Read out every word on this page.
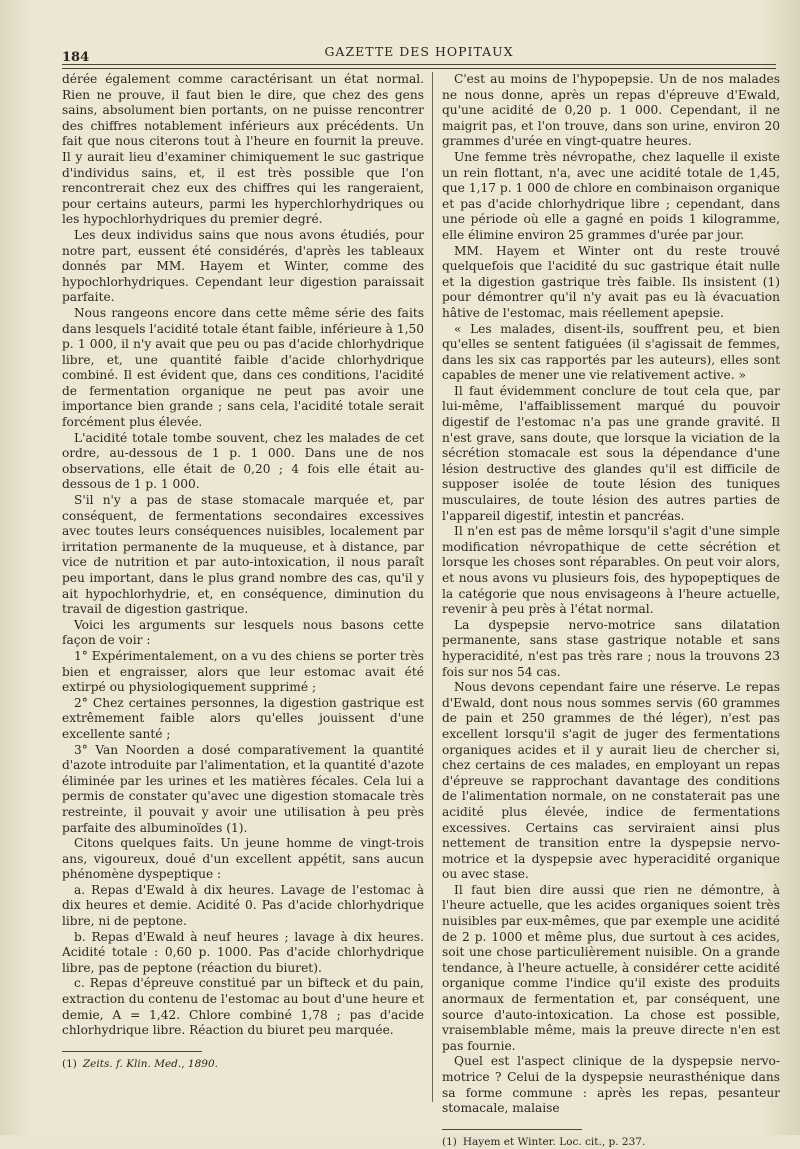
184	GAZETTE DES HOPITAUX

dérée également comme caractérisant un état normal. Rien ne prouve, il faut bien le dire, que chez des gens sains, absolument bien portants, on ne puisse rencontrer des chiffres notablement inférieurs aux précédents. Un fait que nous citerons tout à l'heure en fournit la preuve. Il y aurait lieu d'examiner chimiquement le suc gastrique d'individus sains, et, il est très possible que l'on rencontrerait chez eux des chiffres qui les rangeraient, pour certains auteurs, parmi les hyperchlorhydriques ou les hypochlorhydriques du premier degré.

Les deux individus sains que nous avons étudiés, pour notre part, eussent été considérés, d'après les tableaux donnés par MM. Hayem et Winter, comme des hypochlorhydriques. Cependant leur digestion paraissait parfaite.

Nous rangeons encore dans cette même série des faits dans lesquels l'acidité totale étant faible, inférieure à 1,50 p. 1 000, il n'y avait que peu ou pas d'acide chlorhydrique libre, et, une quantité faible d'acide chlorhydrique combiné. Il est évident que, dans ces conditions, l'acidité de fermentation organique ne peut pas avoir une importance bien grande ; sans cela, l'acidité totale serait forcément plus élevée.

L'acidité totale tombe souvent, chez les malades de cet ordre, au-dessous de 1 p. 1 000. Dans une de nos observations, elle était de 0,20 ; 4 fois elle était au-dessous de 1 p. 1 000.

S'il n'y a pas de stase stomacale marquée et, par conséquent, de fermentations secondaires excessives avec toutes leurs conséquences nuisibles, localement par irritation permanente de la muqueuse, et à distance, par vice de nutrition et par auto-intoxication, il nous paraît peu important, dans le plus grand nombre des cas, qu'il y ait hypochlorhydrie, et, en conséquence, diminution du travail de digestion gastrique.

Voici les arguments sur lesquels nous basons cette façon de voir :

1° Expérimentalement, on a vu des chiens se porter très bien et engraisser, alors que leur estomac avait été extirpé ou physiologiquement supprimé ;

2° Chez certaines personnes, la digestion gastrique est extrêmement faible alors qu'elles jouissent d'une excellente santé ;

3° Van Noorden a dosé comparativement la quantité d'azote introduite par l'alimentation, et la quantité d'azote éliminée par les urines et les matières fécales. Cela lui a permis de constater qu'avec une digestion stomacale très restreinte, il pouvait y avoir une utilisation à peu près parfaite des albuminoïdes (1).

Citons quelques faits. Un jeune homme de vingt-trois ans, vigoureux, doué d'un excellent appétit, sans aucun phénomène dyspeptique :

a. Repas d'Ewald à dix heures. Lavage de l'estomac à dix heures et demie. Acidité 0. Pas d'acide chlorhydrique libre, ni de peptone.

b. Repas d'Ewald à neuf heures ; lavage à dix heures. Acidité totale : 0,60 p. 1000. Pas d'acide chlorhydrique libre, pas de peptone (réaction du biuret).

c. Repas d'épreuve constitué par un bifteck et du pain, extraction du contenu de l'estomac au bout d'une heure et demie, A = 1,42. Chlore combiné 1,78 ; pas d'acide chlorhydrique libre. Réaction du biuret peu marquée.

(1) Zeits. f. Klin. Med., 1890.

C'est au moins de l'hypopepsie. Un de nos malades ne nous donne, après un repas d'épreuve d'Ewald, qu'une acidité de 0,20 p. 1 000. Cependant, il ne maigrit pas, et l'on trouve, dans son urine, environ 20 grammes d'urée en vingt-quatre heures.

Une femme très névropathe, chez laquelle il existe un rein flottant, n'a, avec une acidité totale de 1,45, que 1,17 p. 1 000 de chlore en combinaison organique et pas d'acide chlorhydrique libre ; cependant, dans une période où elle a gagné en poids 1 kilogramme, elle élimine environ 25 grammes d'urée par jour.

MM. Hayem et Winter ont du reste trouvé quelquefois que l'acidité du suc gastrique était nulle et la digestion gastrique très faible. Ils insistent (1) pour démontrer qu'il n'y avait pas eu là évacuation hâtive de l'estomac, mais réellement apepsie.

« Les malades, disent-ils, souffrent peu, et bien qu'elles se sentent fatiguées (il s'agissait de femmes, dans les six cas rapportés par les auteurs), elles sont capables de mener une vie relativement active. »

Il faut évidemment conclure de tout cela que, par lui-même, l'affaiblissement marqué du pouvoir digestif de l'estomac n'a pas une grande gravité. Il n'est grave, sans doute, que lorsque la viciation de la sécrétion stomacale est sous la dépendance d'une lésion destructive des glandes qu'il est difficile de supposer isolée de toute lésion des tuniques musculaires, de toute lésion des autres parties de l'appareil digestif, intestin et pancréas.

Il n'en est pas de même lorsqu'il s'agit d'une simple modification névropathique de cette sécrétion et lorsque les choses sont réparables. On peut voir alors, et nous avons vu plusieurs fois, des hypopeptiques de la catégorie que nous envisageons à l'heure actuelle, revenir à peu près à l'état normal.

La dyspepsie nervo-motrice sans dilatation permanente, sans stase gastrique notable et sans hyperacidité, n'est pas très rare ; nous la trouvons 23 fois sur nos 54 cas.

Nous devons cependant faire une réserve. Le repas d'Ewald, dont nous nous sommes servis (60 grammes de pain et 250 grammes de thé léger), n'est pas excellent lorsqu'il s'agit de juger des fermentations organiques acides et il y aurait lieu de chercher si, chez certains de ces malades, en employant un repas d'épreuve se rapprochant davantage des conditions de l'alimentation normale, on ne constaterait pas une acidité plus élevée, indice de fermentations excessives. Certains cas serviraient ainsi plus nettement de transition entre la dyspepsie nervo-motrice et la dyspepsie avec hyperacidité organique ou avec stase.

Il faut bien dire aussi que rien ne démontre, à l'heure actuelle, que les acides organiques soient très nuisibles par eux-mêmes, que par exemple une acidité de 2 p. 1000 et même plus, due surtout à ces acides, soit une chose particulièrement nuisible. On a grande tendance, à l'heure actuelle, à considérer cette acidité organique comme l'indice qu'il existe des produits anormaux de fermentation et, par conséquent, une source d'auto-intoxication. La chose est possible, vraisemblable même, mais la preuve directe n'en est pas fournie.

Quel est l'aspect clinique de la dyspepsie nervo-motrice ? Celui de la dyspepsie neurasthénique dans sa forme commune : après les repas, pesanteur stomacale, malaise

(1) Hayem et Winter. Loc. cit., p. 237.
